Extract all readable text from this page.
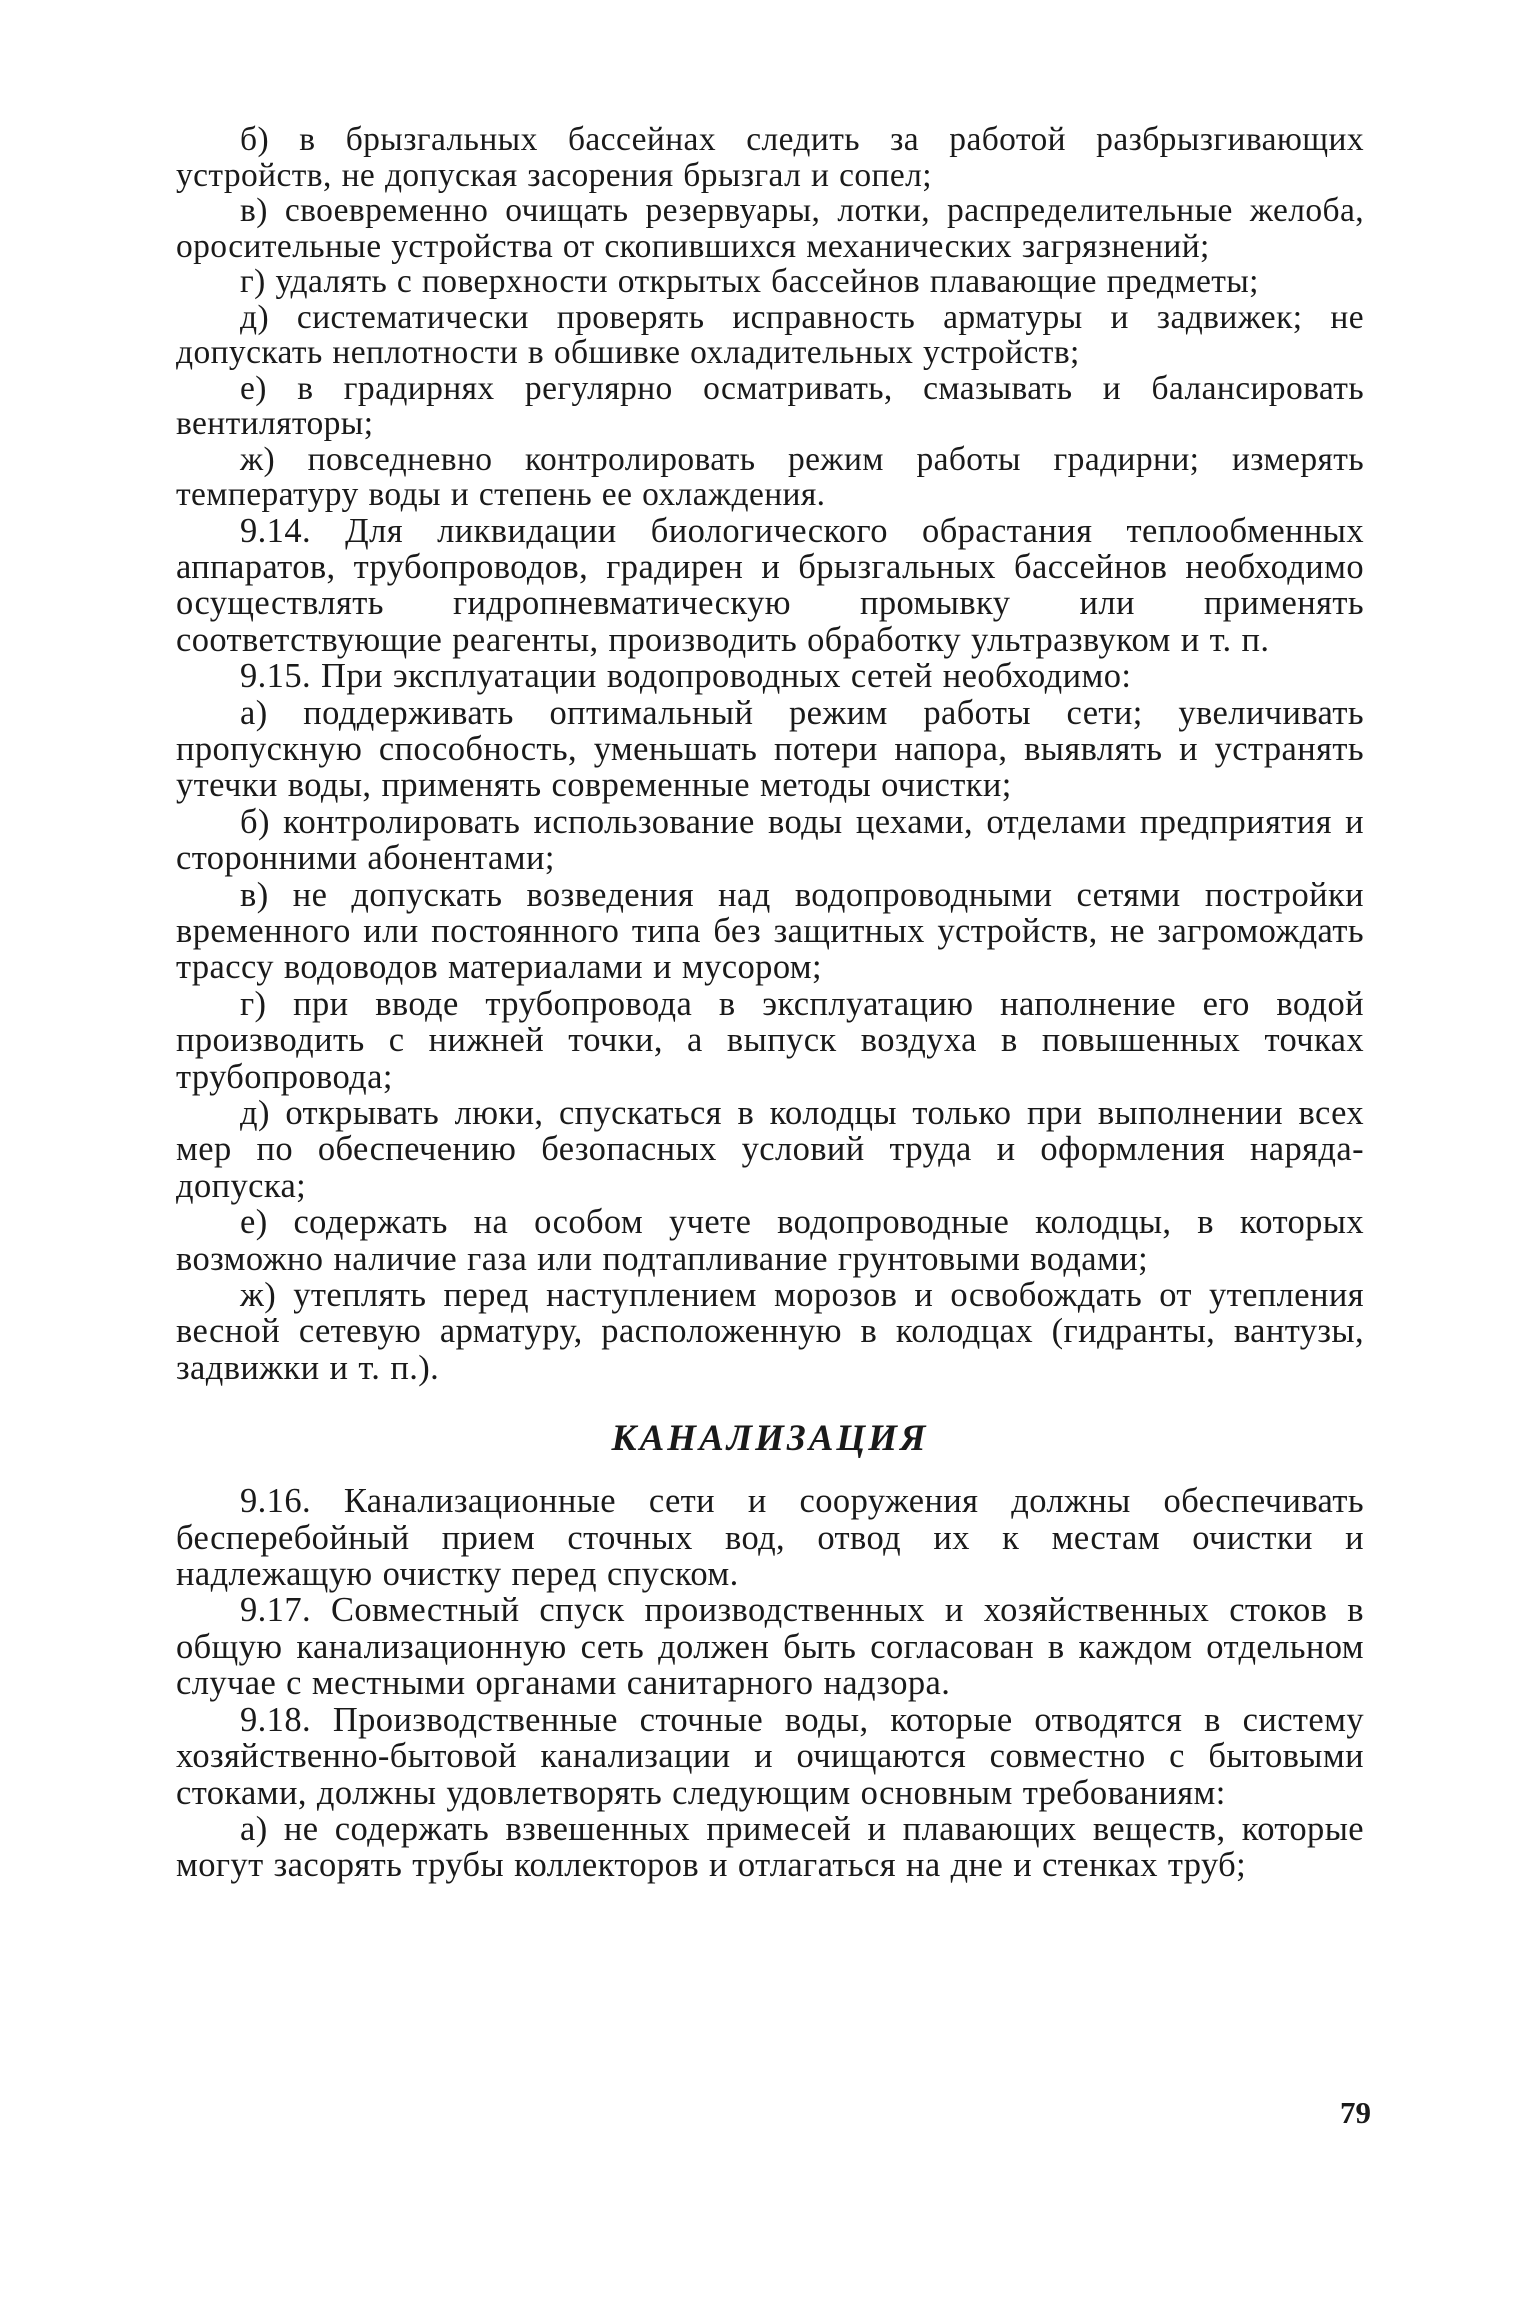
б) в брызгальных бассейнах следить за работой разбрызгивающих устройств, не допуская засорения брызгал и сопел;

в) своевременно очищать резервуары, лотки, распределительные желоба, оросительные устройства от скопившихся механических загрязнений;

г) удалять с поверхности открытых бассейнов плавающие предметы;

д) систематически проверять исправность арматуры и задвижек; не допускать неплотности в обшивке охладительных устройств;

е) в градирнях регулярно осматривать, смазывать и балансировать вентиляторы;

ж) повседневно контролировать режим работы градирни; измерять температуру воды и степень ее охлаждения.

9.14. Для ликвидации биологического обрастания теплообменных аппаратов, трубопроводов, градирен и брызгальных бассейнов необходимо осуществлять гидропневматическую промывку или применять соответствующие реагенты, производить обработку ультразвуком и т. п.

9.15. При эксплуатации водопроводных сетей необходимо:

а) поддерживать оптимальный режим работы сети; увеличивать пропускную способность, уменьшать потери напора, выявлять и устранять утечки воды, применять современные методы очистки;

б) контролировать использование воды цехами, отделами предприятия и сторонними абонентами;

в) не допускать возведения над водопроводными сетями постройки временного или постоянного типа без защитных устройств, не загромождать трассу водоводов материалами и мусором;

г) при вводе трубопровода в эксплуатацию наполнение его водой производить с нижней точки, а выпуск воздуха в повышенных точках трубопровода;

д) открывать люки, спускаться в колодцы только при выполнении всех мер по обеспечению безопасных условий труда и оформления наряда-допуска;

е) содержать на особом учете водопроводные колодцы, в которых возможно наличие газа или подтапливание грунтовыми водами;

ж) утеплять перед наступлением морозов и освобождать от утепления весной сетевую арматуру, расположенную в колодцах (гидранты, вантузы, задвижки и т. п.).

КАНАЛИЗАЦИЯ

9.16. Канализационные сети и сооружения должны обеспечивать бесперебойный прием сточных вод, отвод их к местам очистки и надлежащую очистку перед спуском.

9.17. Совместный спуск производственных и хозяйственных стоков в общую канализационную сеть должен быть согласован в каждом отдельном случае с местными органами санитарного надзора.

9.18. Производственные сточные воды, которые отводятся в систему хозяйственно-бытовой канализации и очищаются совместно с бытовыми стоками, должны удовлетворять следующим основным требованиям:

а) не содержать взвешенных примесей и плавающих веществ, которые могут засорять трубы коллекторов и отлагаться на дне и стенках труб;

79
